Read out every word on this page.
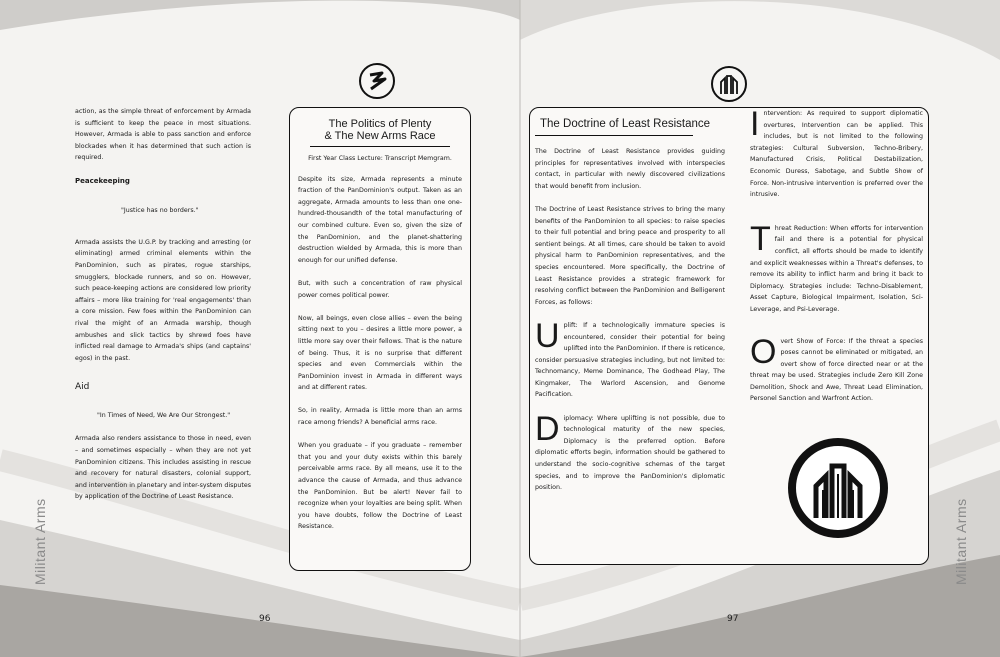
Militant Arms	Militant Arms
96	97

action, as the simple threat of enforcement by Armada is sufficient to keep the peace in most situations. However, Armada is able to pass sanction and enforce blockades when it has determined that such action is required.

Peacekeeping

"Justice has no borders."

Armada assists the U.G.P. by tracking and arresting (or eliminating) armed criminal elements within the PanDominion, such as pirates, rogue starships, smugglers, blockade runners, and so on. However, such peace-keeping actions are considered low priority affairs – more like training for 'real engagements' than a core mission. Few foes within the PanDominion can rival the might of an Armada warship, though ambushes and slick tactics by shrewd foes have inflicted real damage to Armada's ships (and captains' egos) in the past.

Aid

"In Times of Need, We Are Our Strongest."

Armada also renders assistance to those in need, even – and sometimes especially – when they are not yet PanDominion citizens. This includes assisting in rescue and recovery for natural disasters, colonial support, and intervention in planetary and inter-system disputes by application of the Doctrine of Least Resistance.

The Politics of Plenty
& The New Arms Race

First Year Class Lecture: Transcript Memgram.

Despite its size, Armada represents a minute fraction of the PanDominion's output. Taken as an aggregate, Armada amounts to less than one one-hundred-thousandth of the total manufacturing of our combined culture. Even so, given the size of the PanDominion, and the planet-shattering destruction wielded by Armada, this is more than enough for our unified defense.

But, with such a concentration of raw physical power comes political power.

Now, all beings, even close allies – even the being sitting next to you – desires a little more power, a little more say over their fellows. That is the nature of being. Thus, it is no surprise that different species and even Commercials within the PanDominion invest in Armada in different ways and at different rates.

So, in reality, Armada is little more than an arms race among friends? A beneficial arms race.

When you graduate – if you graduate – remember that you and your duty exists within this barely perceivable arms race. By all means, use it to the advance the cause of Armada, and thus advance the PanDominion. But be alert! Never fail to recognize when your loyalties are being split. When you have doubts, follow the Doctrine of Least Resistance.

The Doctrine of Least Resistance

The Doctrine of Least Resistance provides guiding principles for representatives involved with interspecies contact, in particular with newly discovered civilizations that would benefit from inclusion.

The Doctrine of Least Resistance strives to bring the many benefits of the PanDominion to all species: to raise species to their full potential and bring peace and prosperity to all sentient beings. At all times, care should be taken to avoid physical harm to PanDominion representatives, and the species encountered. More specifically, the Doctrine of Least Resistance provides a strategic framework for resolving conflict between the PanDominion and Belligerent Forces, as follows:

Uplift: If a technologically immature species is encountered, consider their potential for being uplifted into the PanDominion. If there is reticence, consider persuasive strategies including, but not limited to: Technomancy, Meme Dominance, The Godhead Play, The Kingmaker, The Warlord Ascension, and Genome Pacification.

Diplomacy: Where uplifting is not possible, due to technological maturity of the new species, Diplomacy is the preferred option. Before diplomatic efforts begin, information should be gathered to understand the socio-cognitive schemas of the target species, and to improve the PanDominion's diplomatic position.

Intervention: As required to support diplomatic overtures, Intervention can be applied. This includes, but is not limited to the following strategies: Cultural Subversion, Techno-Bribery, Manufactured Crisis, Political Destabilization, Economic Duress, Sabotage, and Subtle Show of Force. Non-intrusive intervention is preferred over the intrusive.

Threat Reduction: When efforts for intervention fail and there is a potential for physical conflict, all efforts should be made to identify and explicit weaknesses within a Threat's defenses, to remove its ability to inflict harm and bring it back to Diplomacy. Strategies include: Techno-Disablement, Asset Capture, Biological Impairment, Isolation, Sci-Leverage, and Psi-Leverage.

Overt Show of Force: If the threat a species poses cannot be eliminated or mitigated, an overt show of force directed near or at the threat may be used. Strategies include Zero Kill Zone Demolition, Shock and Awe, Threat Lead Elimination, Personel Sanction and Warfront Action.
